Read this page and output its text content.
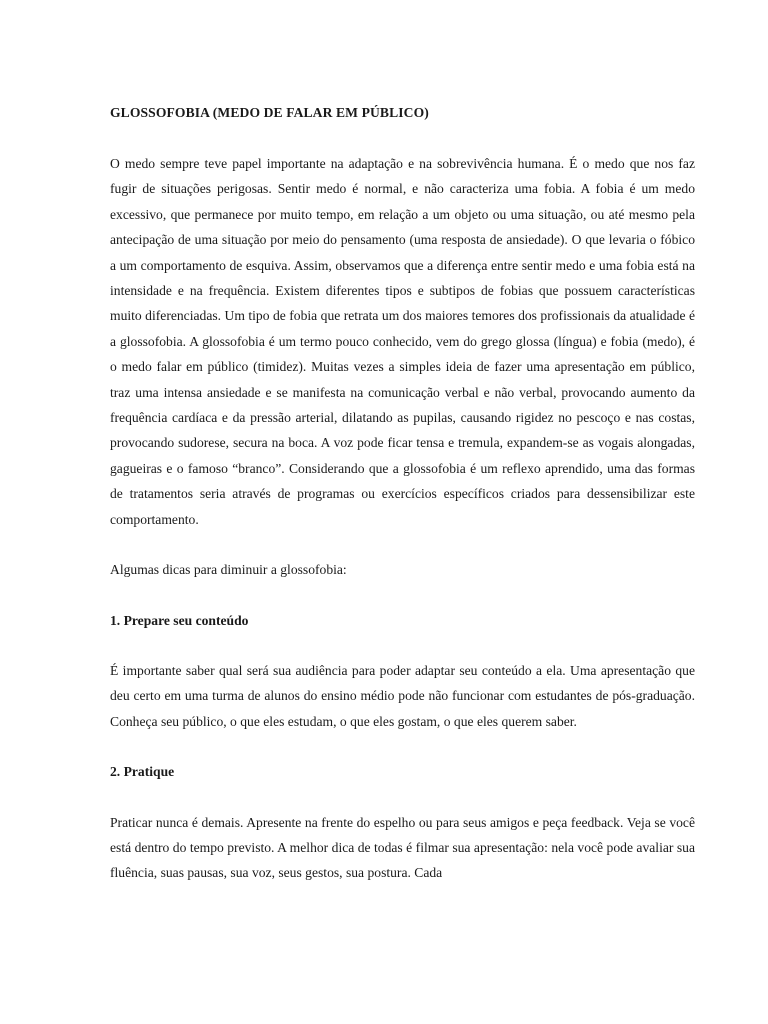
GLOSSOFOBIA (MEDO DE FALAR EM PÚBLICO)

O medo sempre teve papel importante na adaptação e na sobrevivência humana. É o medo que nos faz fugir de situações perigosas. Sentir medo é normal, e não caracteriza uma fobia. A fobia é um medo excessivo, que permanece por muito tempo, em relação a um objeto ou uma situação, ou até mesmo pela antecipação de uma situação por meio do pensamento (uma resposta de ansiedade). O que levaria o fóbico a um comportamento de esquiva. Assim, observamos que a diferença entre sentir medo e uma fobia está na intensidade e na frequência. Existem diferentes tipos e subtipos de fobias que possuem características muito diferenciadas. Um tipo de fobia que retrata um dos maiores temores dos profissionais da atualidade é a glossofobia. A glossofobia é um termo pouco conhecido, vem do grego glossa (língua) e fobia (medo), é o medo falar em público (timidez). Muitas vezes a simples ideia de fazer uma apresentação em público, traz uma intensa ansiedade e se manifesta na comunicação verbal e não verbal, provocando aumento da frequência cardíaca e da pressão arterial, dilatando as pupilas, causando rigidez no pescoço e nas costas, provocando sudorese, secura na boca. A voz pode ficar tensa e tremula, expandem-se as vogais alongadas, gagueiras e o famoso “branco”. Considerando que a glossofobia é um reflexo aprendido, uma das formas de tratamentos seria através de programas ou exercícios específicos criados para dessensibilizar este comportamento.

Algumas dicas para diminuir a glossofobia:

1. Prepare seu conteúdo

É importante saber qual será sua audiência para poder adaptar seu conteúdo a ela. Uma apresentação que deu certo em uma turma de alunos do ensino médio pode não funcionar com estudantes de pós-graduação. Conheça seu público, o que eles estudam, o que eles gostam, o que eles querem saber.

2. Pratique

Praticar nunca é demais. Apresente na frente do espelho ou para seus amigos e peça feedback. Veja se você está dentro do tempo previsto. A melhor dica de todas é filmar sua apresentação: nela você pode avaliar sua fluência, suas pausas, sua voz, seus gestos, sua postura. Cada
